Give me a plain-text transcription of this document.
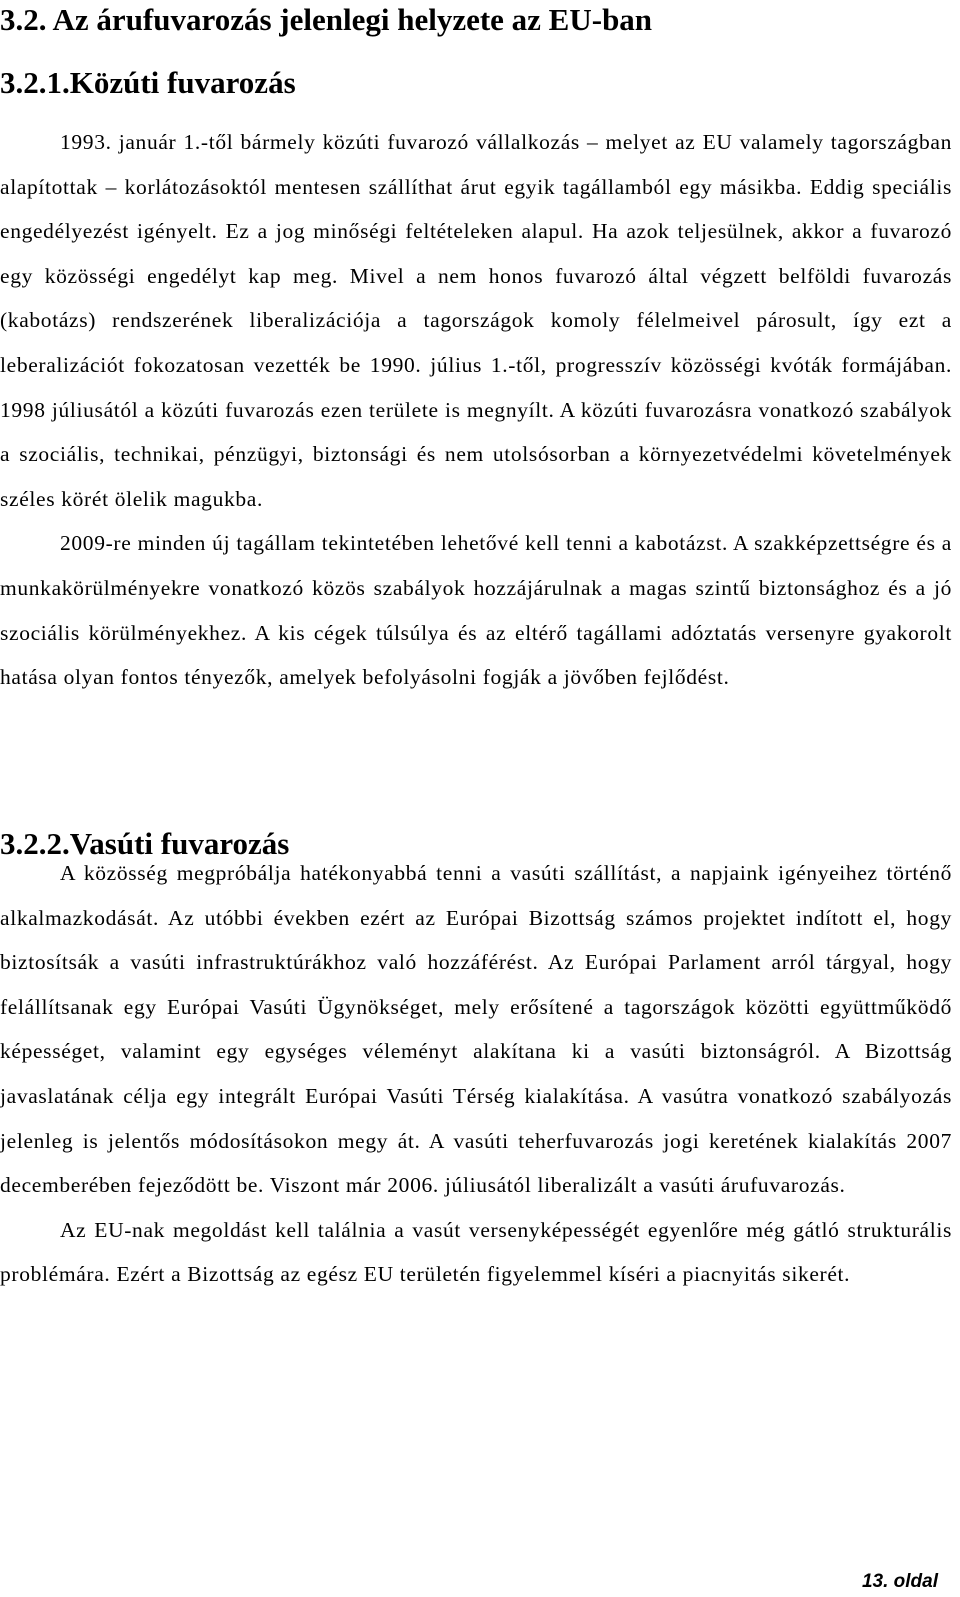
3.2. Az árufuvarozás jelenlegi helyzete az EU-ban
3.2.1.Közúti fuvarozás

1993. január 1.-től bármely közúti fuvarozó vállalkozás – melyet az EU valamely tagországban alapítottak – korlátozásoktól mentesen szállíthat árut egyik tagállamból egy másikba. Eddig speciális engedélyezést igényelt. Ez a jog minőségi feltételeken alapul. Ha azok teljesülnek, akkor a fuvarozó egy közösségi engedélyt kap meg. Mivel a nem honos fuvarozó által végzett belföldi fuvarozás (kabotázs) rendszerének liberalizációja a tagországok komoly félelmeivel párosult, így ezt a leberalizációt fokozatosan vezették be 1990. július 1.-től, progresszív közösségi kvóták formájában. 1998 júliusától a közúti fuvarozás ezen területe is megnyílt. A közúti fuvarozásra vonatkozó szabályok a szociális, technikai, pénzügyi, biztonsági és nem utolsósorban a környezetvédelmi követelmények széles körét ölelik magukba.

2009-re minden új tagállam tekintetében lehetővé kell tenni a kabotázst. A szakképzettségre és a munkakörülményekre vonatkozó közös szabályok hozzájárulnak a magas szintű biztonsághoz és a jó szociális körülményekhez. A kis cégek túlsúlya és az eltérő tagállami adóztatás versenyre gyakorolt hatása olyan fontos tényezők, amelyek befolyásolni fogják a jövőben fejlődést.

3.2.2.Vasúti fuvarozás

A közösség megpróbálja hatékonyabbá tenni a vasúti szállítást, a napjaink igényeihez történő alkalmazkodását. Az utóbbi években ezért az Európai Bizottság számos projektet indított el, hogy biztosítsák a vasúti infrastruktúrákhoz való hozzáférést. Az Európai Parlament arról tárgyal, hogy felállítsanak egy Európai Vasúti Ügynökséget, mely erősítené a tagországok közötti együttműködő képességet, valamint egy egységes véleményt alakítana ki a vasúti biztonságról. A Bizottság javaslatának célja egy integrált Európai Vasúti Térség kialakítása. A vasútra vonatkozó szabályozás jelenleg is jelentős módosításokon megy át. A vasúti teherfuvarozás jogi keretének kialakítás 2007 decemberében fejeződött be. Viszont már 2006. júliusától liberalizált a vasúti árufuvarozás.

Az EU-nak megoldást kell találnia a vasút versenyképességét egyenlőre még gátló strukturális problémára. Ezért a Bizottság az egész EU területén figyelemmel kíséri a piacnyitás sikerét.

13. oldal
